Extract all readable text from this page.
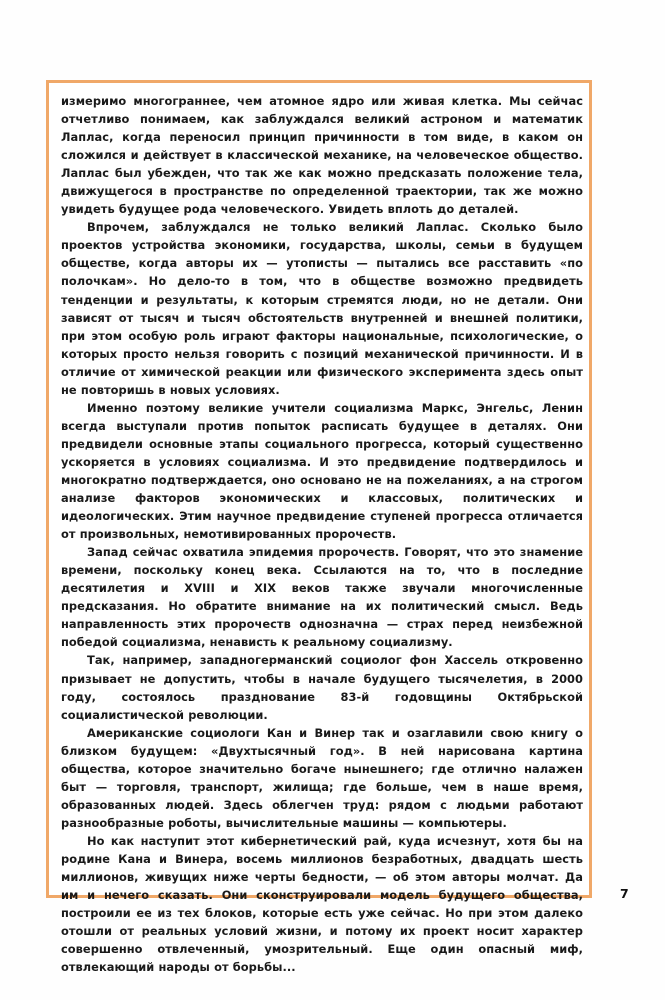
измеримо многограннее, чем атомное ядро или живая клетка. Мы сейчас отчетливо понимаем, как заблуждался великий астроном и математик Лаплас, когда переносил принцип причинности в том виде, в каком он сложился и действует в классической механике, на человеческое общество. Лаплас был убежден, что так же как можно предсказать положение тела, движущегося в пространстве по определенной траектории, так же можно увидеть будущее рода человеческого. Увидеть вплоть до деталей.

Впрочем, заблуждался не только великий Лаплас. Сколько было проектов устройства экономики, государства, школы, семьи в будущем обществе, когда авторы их — утописты — пытались все расставить «по полочкам». Но дело-то в том, что в обществе возможно предвидеть тенденции и результаты, к которым стремятся люди, но не детали. Они зависят от тысяч и тысяч обстоятельств внутренней и внешней политики, при этом особую роль играют факторы национальные, психологические, о которых просто нельзя говорить с позиций механической причинности. И в отличие от химической реакции или физического эксперимента здесь опыт не повторишь в новых условиях.

Именно поэтому великие учители социализма Маркс, Энгельс, Ленин всегда выступали против попыток расписать будущее в деталях. Они предвидели основные этапы социального прогресса, который существенно ускоряется в условиях социализма. И это предвидение подтвердилось и многократно подтверждается, оно основано не на пожеланиях, а на строгом анализе факторов экономических и классовых, политических и идеологических. Этим научное предвидение ступеней прогресса отличается от произвольных, немотивированных пророчеств.

Запад сейчас охватила эпидемия пророчеств. Говорят, что это знамение времени, поскольку конец века. Ссылаются на то, что в последние десятилетия и XVIII и XIX веков также звучали многочисленные предсказания. Но обратите внимание на их политический смысл. Ведь направленность этих пророчеств однозначна — страх перед неизбежной победой социализма, ненависть к реальному социализму.

Так, например, западногерманский социолог фон Хассель откровенно призывает не допустить, чтобы в начале будущего тысячелетия, в 2000 году, состоялось празднование 83-й годовщины Октябрьской социалистической революции.

Американские социологи Кан и Винер так и озаглавили свою книгу о близком будущем: «Двухтысячный год». В ней нарисована картина общества, которое значительно богаче нынешнего; где отлично налажен быт — торговля, транспорт, жилища; где больше, чем в наше время, образованных людей. Здесь облегчен труд: рядом с людьми работают разнообразные роботы, вычислительные машины — компьютеры.

Но как наступит этот кибернетический рай, куда исчезнут, хотя бы на родине Кана и Винера, восемь миллионов безработных, двадцать шесть миллионов, живущих ниже черты бедности, — об этом авторы молчат. Да им и нечего сказать. Они сконструировали модель будущего общества, построили ее из тех блоков, которые есть уже сейчас. Но при этом далеко отошли от реальных условий жизни, и потому их проект носит характер совершенно отвлеченный, умозрительный. Еще один опасный миф, отвлекающий народы от борьбы...

7
